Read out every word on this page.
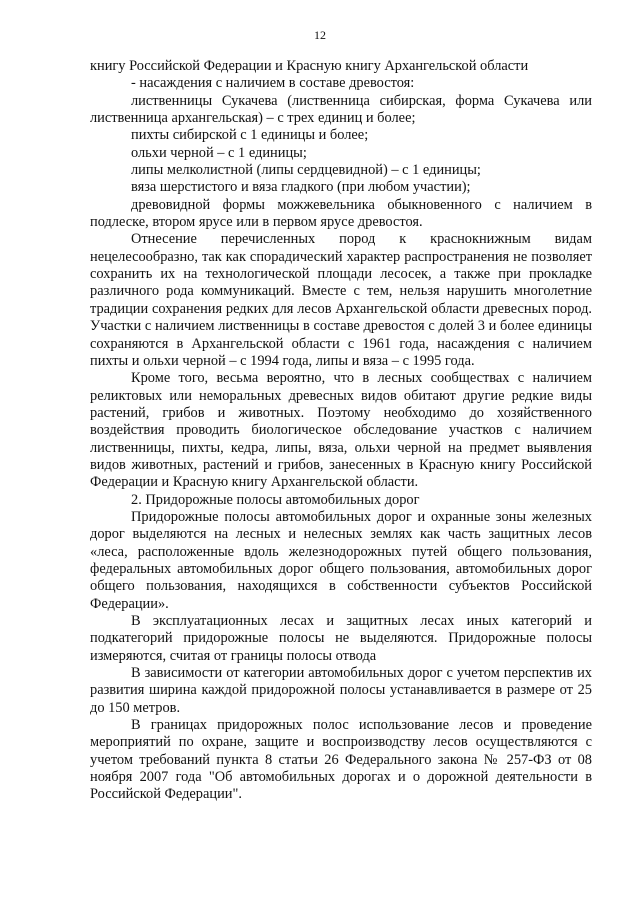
12

книгу Российской Федерации и Красную книгу Архангельской области

- насаждения с наличием в составе древостоя:

лиственницы Сукачева (лиственница сибирская, форма Сукачева или лиственница архангельская) – с трех единиц и более;

пихты сибирской с 1 единицы и более;

ольхи черной – с 1 единицы;

липы мелколистной (липы сердцевидной) – с 1 единицы;

вяза шерстистого и вяза гладкого (при любом участии);

древовидной формы можжевельника обыкновенного с наличием в подлеске, втором ярусе или в первом ярусе древостоя.

Отнесение перечисленных пород к краснокнижным видам нецелесообразно, так как спорадический характер распространения не позволяет сохранить их на технологической площади лесосек, а также при прокладке различного рода коммуникаций. Вместе с тем, нельзя нарушить многолетние традиции сохранения редких для лесов Архангельской области древесных пород. Участки с наличием лиственницы в составе древостоя с долей 3 и более единицы сохраняются в Архангельской области с 1961 года, насаждения с наличием пихты и ольхи черной – с 1994 года, липы и вяза – с 1995 года.

Кроме того, весьма вероятно, что в лесных сообществах с наличием реликтовых или неморальных древесных видов обитают другие редкие виды растений, грибов и животных. Поэтому необходимо до хозяйственного воздействия проводить биологическое обследование участков с наличием лиственницы, пихты, кедра, липы, вяза, ольхи черной на предмет выявления видов животных, растений и грибов, занесенных в Красную книгу Российской Федерации и Красную книгу Архангельской области.

2. Придорожные полосы автомобильных дорог

Придорожные полосы автомобильных дорог и охранные зоны железных дорог выделяются на лесных и нелесных землях как часть защитных лесов «леса, расположенные вдоль железнодорожных путей общего пользования, федеральных автомобильных дорог общего пользования, автомобильных дорог общего пользования, находящихся в собственности субъектов Российской Федерации».

В эксплуатационных лесах и защитных лесах иных категорий и подкатегорий придорожные полосы не выделяются. Придорожные полосы измеряются, считая от границы полосы отвода

В зависимости от категории автомобильных дорог с учетом перспектив их развития ширина каждой придорожной полосы устанавливается в размере от 25 до 150 метров.

В границах придорожных полос использование лесов и проведение мероприятий по охране, защите и воспроизводству лесов осуществляются с учетом требований пункта 8 статьи 26 Федерального закона № 257-ФЗ от 08 ноября 2007 года "Об автомобильных дорогах и о дорожной деятельности в Российской Федерации".
